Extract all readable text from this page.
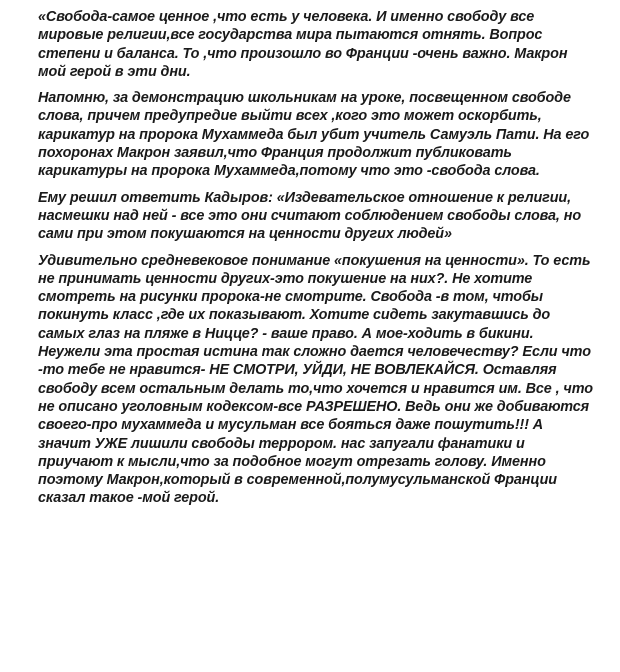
«Свобода-самое ценное ,что есть у человека. И именно свободу все мировые религии,все государства мира пытаются отнять. Вопрос степени и баланса. То ,что произошло во Франции -очень важно. Макрон мой герой в эти дни.

Напомню, за демонстрацию школьникам на уроке, посвещенном свободе слова, причем предупредие выйти всех ,кого это может оскорбить, карикатур на пророка Мухаммеда был убит учитель Самуэль Пати. На его похоронах Макрон заявил,что Франция продолжит публиковать карикатуры на пророка Мухаммеда,потому что это -свобода слова.

Ему решил ответить Кадыров: «Издевательское отношение к религии, насмешки над ней - все это они считают соблюдением свободы слова, но сами при этом покушаются на ценности других людей»

Удивительно средневековое понимание «покушения на ценности». То есть не принимать ценности других-это покушение на них?. Не хотите смотреть на рисунки пророка-не смотрите. Свобода -в том, чтобы покинуть класс ,где их показывают. Хотите сидеть закутавшись до самых глаз на пляже в Ницце? - ваше право. А мое-ходить в бикини. Неужели эта простая истина так сложно дается человечеству? Если что -то тебе не нравится- НЕ СМОТРИ, УЙДИ, НЕ ВОВЛЕКАЙСЯ. Оставляя свободу всем остальным делать то,что хочется и нравится им. Все , что не описано уголовным кодексом-все РАЗРЕШЕНО. Ведь они же добиваются своего-про мухаммеда и мусульман все бояться даже пошутить!!! А значит УЖЕ лишили свободы террором. нас запугали фанатики и приучают к мысли,что за подобное могут отрезать голову. Именно поэтому Макрон,который в современной,полумусульманской Франции сказал такое -мой герой.
